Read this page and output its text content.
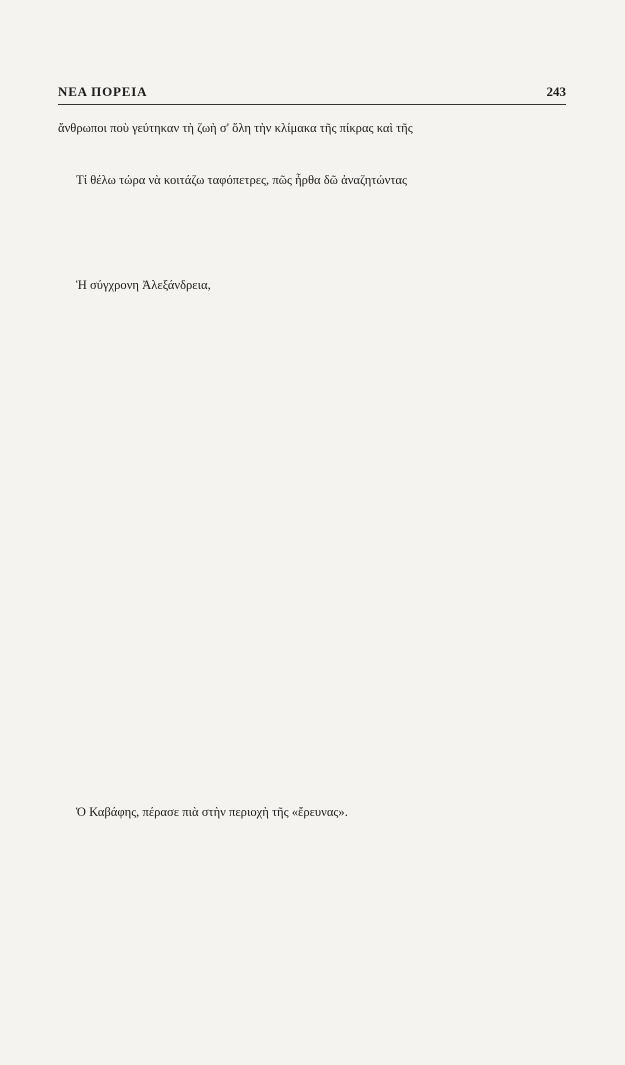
ΝΕΑ ΠΟΡΕΙΑ	243
ἄνθρωποι ποὺ γεύτηκαν τὴ ζωὴ σ' ὅλη τὴν κλίμακα τῆς πίκρας καὶ τῆς
Τί θέλω τώρα νὰ κοιτάζω ταφόπετρες, πῶς ἦρθα δῶ ἀναζητώντας
Ἡ σύγχρονη Ἀλεξάνδρεια,
Ὁ Καβάφης, πέρασε πιὰ στὴν περιοχὴ τῆς «ἔρευνας».
